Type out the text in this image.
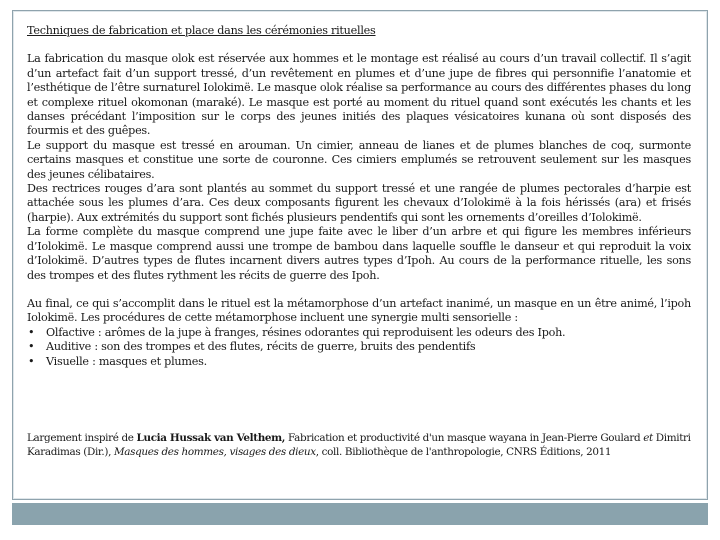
Techniques de fabrication et place dans les cérémonies rituelles

La fabrication du masque olok est réservée aux hommes et le montage est réalisé au cours d’un travail collectif. Il s’agit d’un artefact fait d’un support tressé, d’un revêtement en plumes et d’une jupe de fibres qui personnifie l’anatomie et l’esthétique de l’être surnaturel Iolokimë. Le masque olok réalise sa performance au cours des différentes phases du long et complexe rituel okomonan (maraké). Le masque est porté au moment du rituel quand sont exécutés les chants et les danses précédant l’imposition sur le corps des jeunes initiés des plaques vésicatoires kunana où sont disposés des fourmis et des guêpes.

Le support du masque est tressé en arouman. Un cimier, anneau de lianes et de plumes blanches de coq, surmonte certains masques et constitue une sorte de couronne. Ces cimiers emplumés se retrouvent seulement sur les masques des jeunes célibataires.

Des rectrices rouges d’ara sont plantés au sommet du support tressé et une rangée de plumes pectorales d’harpie est attachée sous les plumes d’ara. Ces deux composants figurent les chevaux d’Iolokimë à la fois hérissés (ara) et frisés (harpie). Aux extrémités du support sont fichés plusieurs pendentifs qui sont les ornements d’oreilles d’Iolokimë.

La forme complète du masque comprend une jupe faite avec le liber d’un arbre et qui figure les membres inférieurs d’Iolokimë. Le masque comprend aussi une trompe de bambou dans laquelle souffle le danseur et qui reproduit la voix d’Iolokimë. D’autres types de flutes incarnent divers autres types d’Ipoh. Au cours de la performance rituelle, les sons des trompes et des flutes rythment les récits de guerre des Ipoh.

Au final, ce qui s’accomplit dans le rituel est la métamorphose d’un artefact inanimé, un masque en un être animé, l’ipoh Iolokimë. Les procédures de cette métamorphose incluent une synergie multi sensorielle :

• Olfactive : arômes de la jupe à franges, résines odorantes qui reproduisent les odeurs des Ipoh.
• Auditive : son des trompes et des flutes, récits de guerre, bruits des pendentifs
• Visuelle : masques et plumes.
Largement inspiré de Lucia Hussak van Velthem, Fabrication et productivité d'un masque wayana in Jean-Pierre Goulard et Dimitri Karadimas (Dir.), Masques des hommes, visages des dieux, coll. Bibliothèque de l'anthropologie, CNRS Éditions, 2011
